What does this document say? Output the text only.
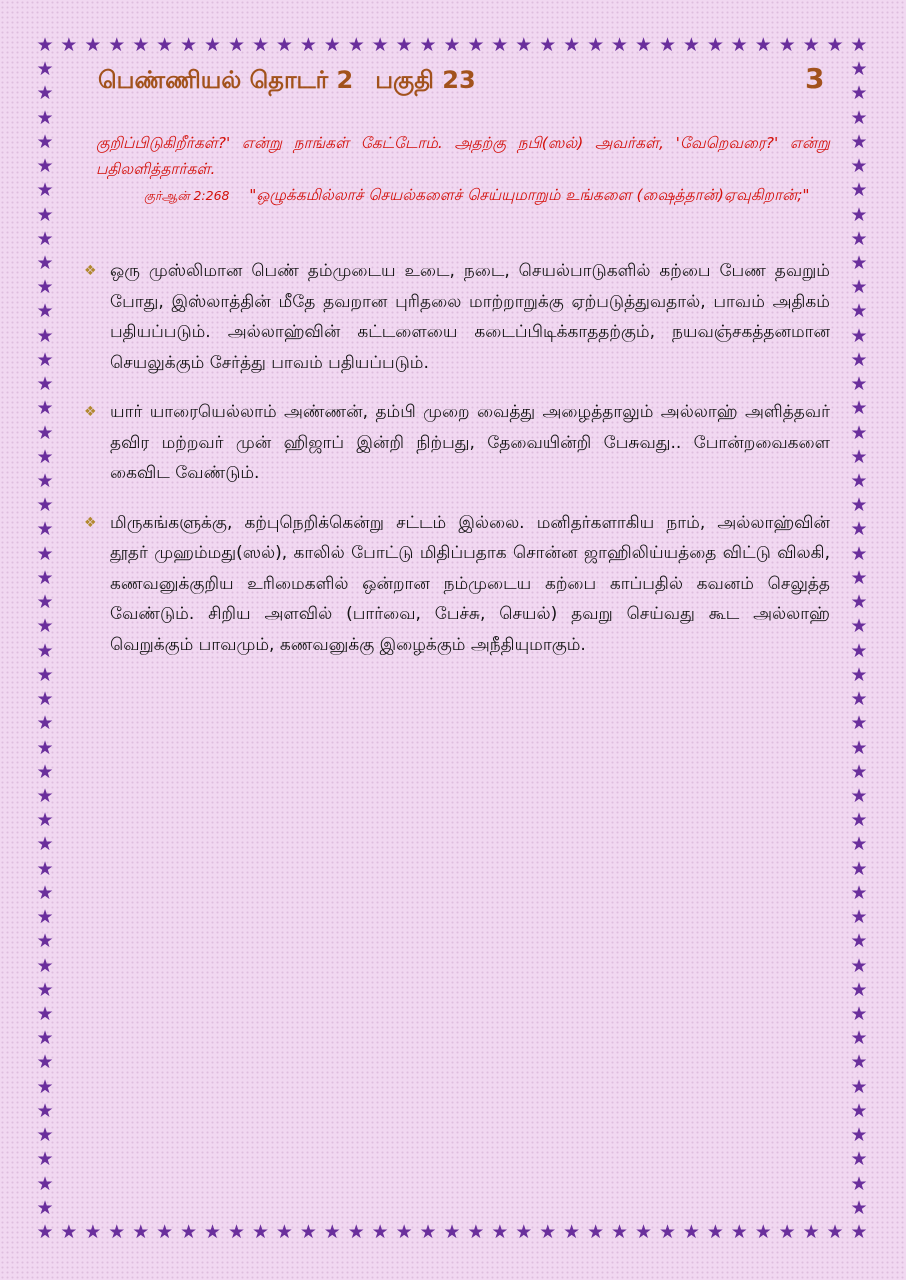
★
★
★
★
★
★
★
★
★
★
★
★
★
★
★
★
★
★
★
★
★
★
★
★
★
★
★
★
★
★
★
★
★
★
★
★
★
★
★
★
★
★
★
★
★
★
★
★
★
★
★
★
★
★
★
★
★
★
★
★
★
★
★
★
★
★
★
★
★
★
★	★
★	★
★	★
★	★
★	★
★	★
★	★
★	★
★	★
★	★
★	★
★	★
★	★
★	★
★	★
★	★
★	★
★	★
★	★
★	★
★	★
★	★
★	★
★	★
★	★
★	★
★	★
★	★
★	★
★	★
★	★
★	★
★	★
★	★
★	★
★	★
★	★
★	★
★	★
★	★
★	★
★	★
★	★
★	★
★	★
★	★
★	★
★	★
பெண்ணியல் தொடர் 2 பகுதி 23	3

குறிப்பிடுகிறீர்கள்?' என்று நாங்கள் கேட்டோம். அதற்கு நபி(ஸல்) அவர்கள், 'வேறெவரை?' என்று பதிலளித்தார்கள்.

குர்ஆன் 2:268 "ஒழுக்கமில்லாச் செயல்களைச் செய்யுமாறும் உங்களை (ஷைத்தான்)ஏவுகிறான்;"

❖ ஒரு முஸ்லிமான பெண் தம்முடைய உடை, நடை, செயல்பாடுகளில் கற்பை பேண தவறும் போது, இஸ்லாத்தின் மீதே தவறான புரிதலை மாற்றாறுக்கு ஏற்படுத்துவதால், பாவம் அதிகம் பதியப்படும். அல்லாஹ்வின் கட்டளையை கடைப்பிடிக்காததற்கும், நயவஞ்சகத்தனமான செயலுக்கும் சேர்த்து பாவம் பதியப்படும்.
❖ யார் யாரையெல்லாம் அண்ணன், தம்பி முறை வைத்து அழைத்தாலும் அல்லாஹ் அளித்தவர் தவிர மற்றவர் முன் ஹிஜாப் இன்றி நிற்பது, தேவையின்றி பேசுவது.. போன்றவைகளை கைவிட வேண்டும்.
❖ மிருகங்களுக்கு, கற்புநெறிக்கென்று சட்டம் இல்லை. மனிதர்களாகிய நாம், அல்லாஹ்வின் தூதர் முஹம்மது(ஸல்), காலில் போட்டு மிதிப்பதாக சொன்ன ஜாஹிலிய்யத்தை விட்டு விலகி, கணவனுக்குறிய உரிமைகளில் ஒன்றான நம்முடைய கற்பை காப்பதில் கவனம் செலுத்த வேண்டும். சிறிய அளவில் (பார்வை, பேச்சு, செயல்) தவறு செய்வது கூட அல்லாஹ் வெறுக்கும் பாவமும், கணவனுக்கு இழைக்கும் அநீதியுமாகும்.
